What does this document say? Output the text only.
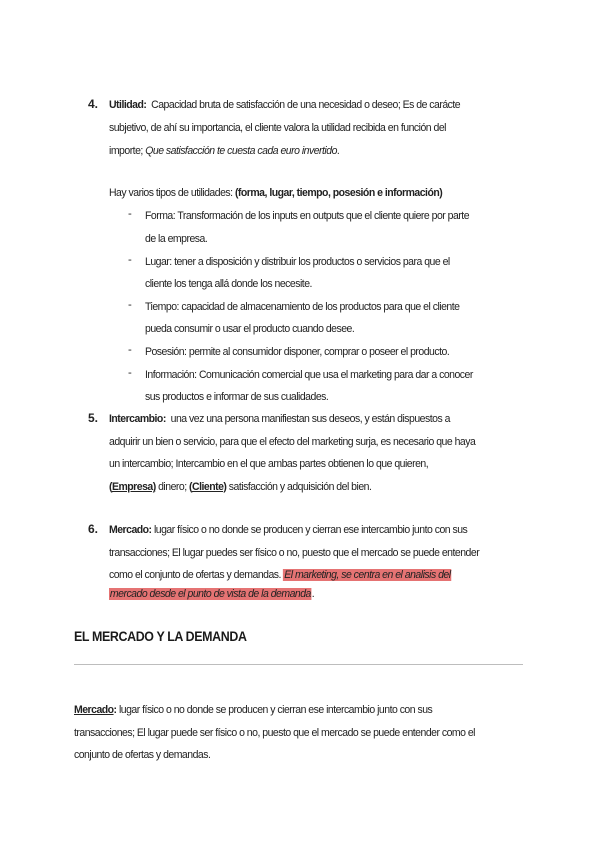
4. Utilidad: Capacidad bruta de satisfacción de una necesidad o deseo; Es de carácte
subjetivo, de ahí su importancia, el cliente valora la utilidad recibida en función del
importe; Que satisfacción te cuesta cada euro invertido.
Hay varios tipos de utilidades: (forma, lugar, tiempo, posesión e información)
- Forma: Transformación de los inputs en outputs que el cliente quiere por parte
de la empresa.
- Lugar: tener a disposición y distribuir los productos o servicios para que el
cliente los tenga allá donde los necesite.
- Tiempo: capacidad de almacenamiento de los productos para que el cliente
pueda consumir o usar el producto cuando desee.
- Posesión: permite al consumidor disponer, comprar o poseer el producto.
- Información: Comunicación comercial que usa el marketing para dar a conocer
sus productos e informar de sus cualidades.
5. Intercambio: una vez una persona manifiestan sus deseos, y están dispuestos a
adquirir un bien o servicio, para que el efecto del marketing surja, es necesario que haya
un intercambio; Intercambio en el que ambas partes obtienen lo que quieren,
(Empresa) dinero; (Cliente) satisfacción y adquisición del bien.
6. Mercado: lugar físico o no donde se producen y cierran ese intercambio junto con sus
transacciones; El lugar puedes ser físico o no, puesto que el mercado se puede entender
como el conjunto de ofertas y demandas. El marketing, se centra en el analisis del
mercado desde el punto de vista de la demanda.
EL MERCADO Y LA DEMANDA
Mercado: lugar físico o no donde se producen y cierran ese intercambio junto con sus
transacciones; El lugar puede ser físico o no, puesto que el mercado se puede entender como el
conjunto de ofertas y demandas.
